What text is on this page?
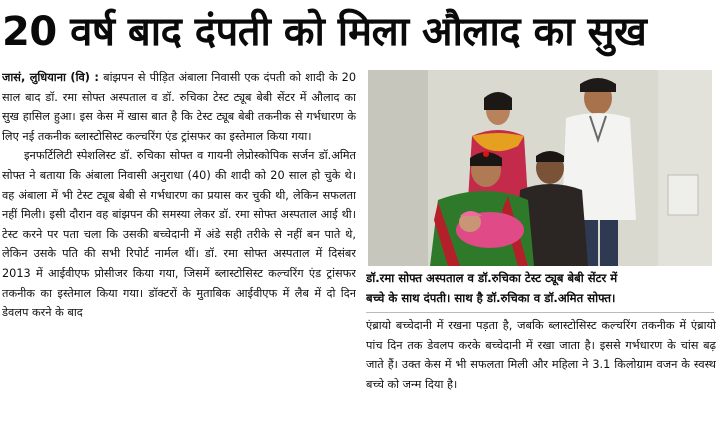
20 वर्ष बाद दंपती को मिला औलाद का सुख

जासं, लुधियाना (वि) : बांझपन से पीड़ित अंबाला निवासी एक दंपती को शादी के 20 साल बाद डॉ. रमा सोफ्त अस्पताल व डॉ. रुचिका टेस्ट ट्यूब बेबी सेंटर में औलाद का सुख हासिल हुआ। इस केस में खास बात है कि टेस्ट ट्यूब बेबी तकनीक से गर्भधारण के लिए नई तकनीक ब्लास्टोसिस्ट कल्चरिंग एंड ट्रांसफर का इस्तेमाल किया गया।

इनफर्टिलिटी स्पेशलिस्ट डॉ. रुचिका सोफ्त व गायनी लेप्रोस्कोपिक सर्जन डॉ.अमित सोफ्त ने बताया कि अंबाला निवासी अनुराधा (40) की शादी को 20 साल हो चुके थे। वह अंबाला में भी टेस्ट ट्यूब बेबी से गर्भधारण का प्रयास कर चुकी थी, लेकिन सफलता नहीं मिली। इसी दौरान वह बांझपन की समस्या लेकर डॉ. रमा सोफ्त अस्पताल आई थी। टेस्ट करने पर पता चला कि उसकी बच्चेदानी में अंडे सही तरीके से नहीं बन पाते थे, लेकिन उसके पति की सभी रिपोर्ट नार्मल थीं। डॉ. रमा सोफ्त अस्पताल में दिसंबर 2013 में आईवीएफ प्रोसीजर किया गया, जिसमें ब्लास्टोसिस्ट कल्चरिंग एंड ट्रांसफर तकनीक का इस्तेमाल किया गया। डॉक्टरों के मुताबिक आईवीएफ में लैब में दो दिन डेवलप करने के बाद

डॉ.रमा सोफ्त अस्पताल व डॉ.रुचिका टेस्ट ट्यूब बेबी सेंटर में
बच्चे के साथ दंपती। साथ है डॉ.रुचिका व डॉ.अमित सोफ्त।

एंब्रायो बच्चेदानी में रखना पड़ता है, जबकि ब्लास्टोसिस्ट कल्चरिंग तकनीक में एंब्रायो पांच दिन तक डेवलप करके बच्चेदानी में रखा जाता है। इससे गर्भधारण के चांस बढ़ जाते हैं। उक्त केस में भी सफलता मिली और महिला ने 3.1 किलोग्राम वजन के स्वस्थ बच्चे को जन्म दिया है।
